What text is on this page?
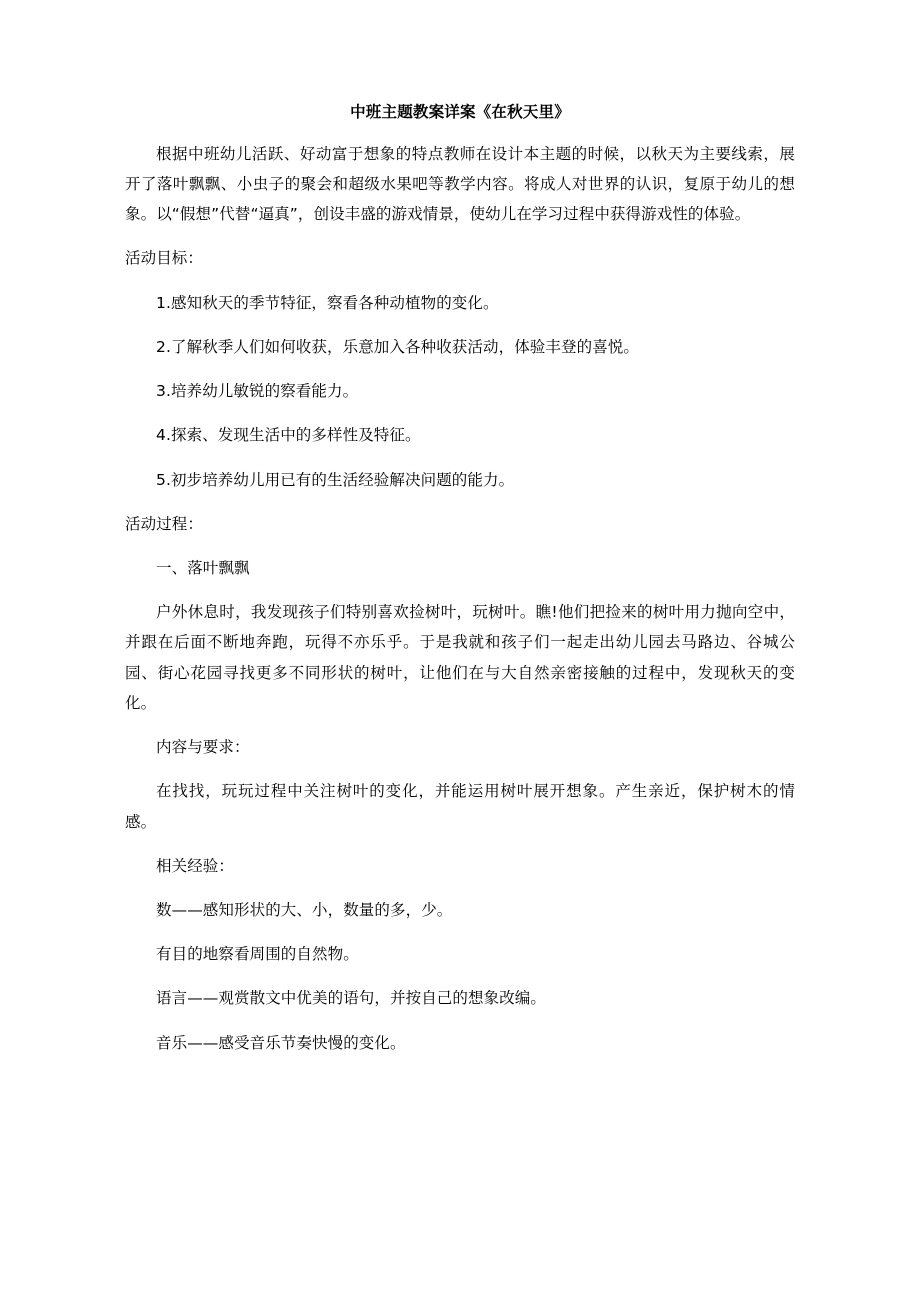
中班主题教案详案《在秋天里》

根据中班幼儿活跃、好动富于想象的特点教师在设计本主题的时候，以秋天为主要线索，展开了落叶飘飘、小虫子的聚会和超级水果吧等教学内容。将成人对世界的认识，复原于幼儿的想象。以“假想”代替“逼真”，创设丰盛的游戏情景，使幼儿在学习过程中获得游戏性的体验。

活动目标：

1.感知秋天的季节特征，察看各种动植物的变化。

2.了解秋季人们如何收获，乐意加入各种收获活动，体验丰登的喜悦。

3.培养幼儿敏锐的察看能力。

4.探索、发现生活中的多样性及特征。

5.初步培养幼儿用已有的生活经验解决问题的能力。

活动过程：

一、落叶飘飘

户外休息时，我发现孩子们特别喜欢捡树叶，玩树叶。瞧!他们把捡来的树叶用力抛向空中，并跟在后面不断地奔跑，玩得不亦乐乎。于是我就和孩子们一起走出幼儿园去马路边、谷城公园、街心花园寻找更多不同形状的树叶，让他们在与大自然亲密接触的过程中，发现秋天的变化。

内容与要求：

在找找，玩玩过程中关注树叶的变化，并能运用树叶展开想象。产生亲近，保护树木的情感。

相关经验：

数——感知形状的大、小，数量的多，少。

有目的地察看周围的自然物。

语言——观赏散文中优美的语句，并按自己的想象改编。

音乐——感受音乐节奏快慢的变化。
